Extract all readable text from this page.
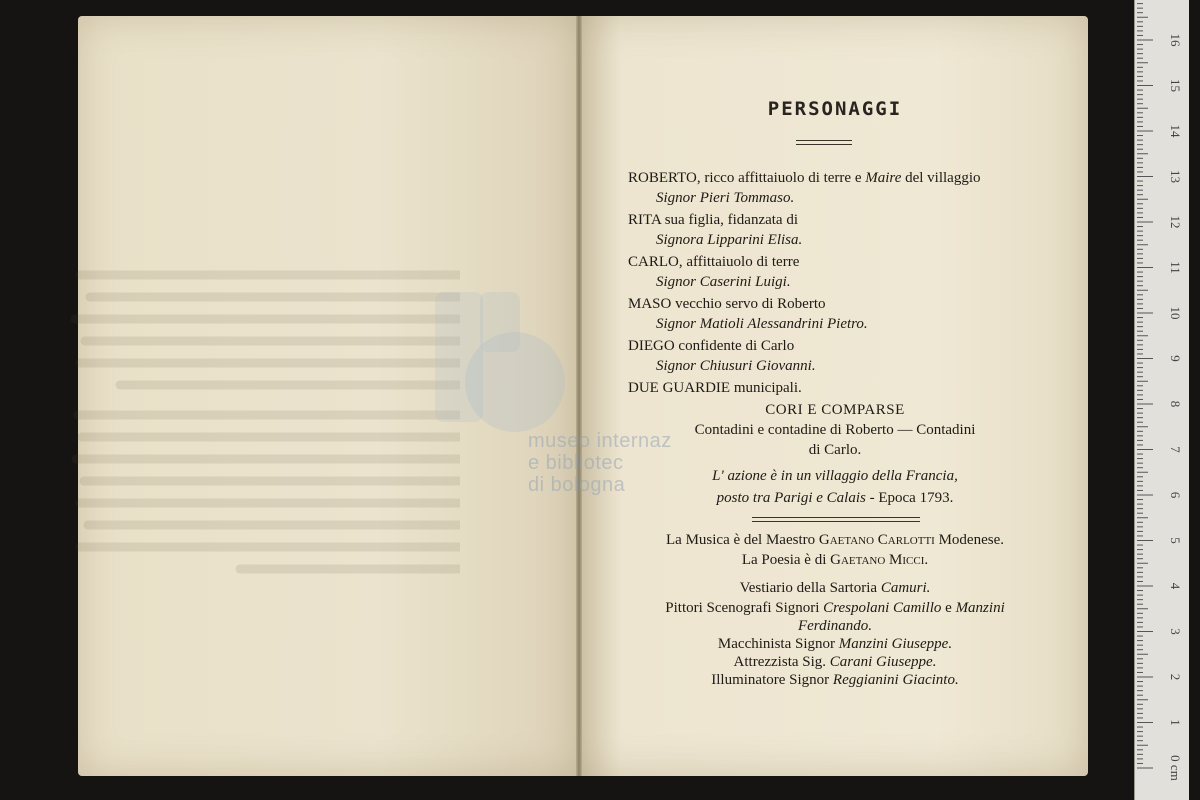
museo internaz
e bibliotec
di bologna
PERSONAGGI
ROBERTO, ricco affittaiuolo di terre e Maire del villaggio
Signor Pieri Tommaso.
RITA sua figlia, fidanzata di
Signora Lipparini Elisa.
CARLO, affittaiuolo di terre
Signor Caserini Luigi.
MASO vecchio servo di Roberto
Signor Matioli Alessandrini Pietro.
DIEGO confidente di Carlo
Signor Chiusuri Giovanni.
DUE GUARDIE municipali.
CORI E COMPARSE
Contadini e contadine di Roberto — Contadini
di Carlo.
L' azione è in un villaggio della Francia,
posto tra Parigi e Calais - Epoca 1793.
La Musica è del Maestro Gaetano Carlotti Modenese.
La Poesia è di Gaetano Micci.
Vestiario della Sartoria Camuri.
Pittori Scenografi Signori Crespolani Camillo e Manzini
Ferdinando.
Macchinista Signor Manzini Giuseppe.
Attrezzista Sig. Carani Giuseppe.
Illuminatore Signor Reggianini Giacinto.
0 cm
1
2
3
4
5
6
7
8
9
10
11
12
13
14
15
16
